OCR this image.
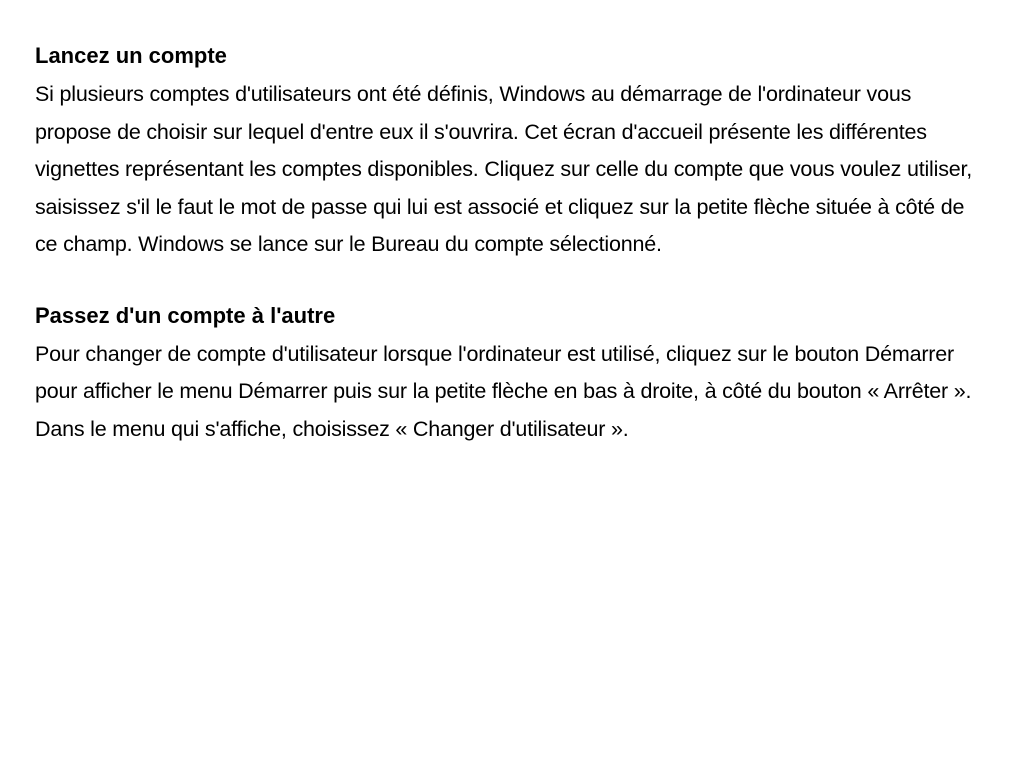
Lancez un compte

Si plusieurs comptes d'utilisateurs ont été définis, Windows au démarrage de l'ordinateur vous propose de choisir sur lequel d'entre eux il s'ouvrira. Cet écran d'accueil présente les différentes vignettes représentant les comptes disponibles. Cliquez sur celle du compte que vous voulez utiliser, saisissez s'il le faut le mot de passe qui lui est associé et cliquez sur la petite flèche située à côté de ce champ. Windows se lance sur le Bureau du compte sélectionné.

Passez d'un compte à l'autre

Pour changer de compte d'utilisateur lorsque l'ordinateur est utilisé, cliquez sur le bouton Démarrer pour afficher le menu Démarrer puis sur la petite flèche en bas à droite, à côté du bouton « Arrêter ». Dans le menu qui s'affiche, choisissez « Changer d'utilisateur ».
